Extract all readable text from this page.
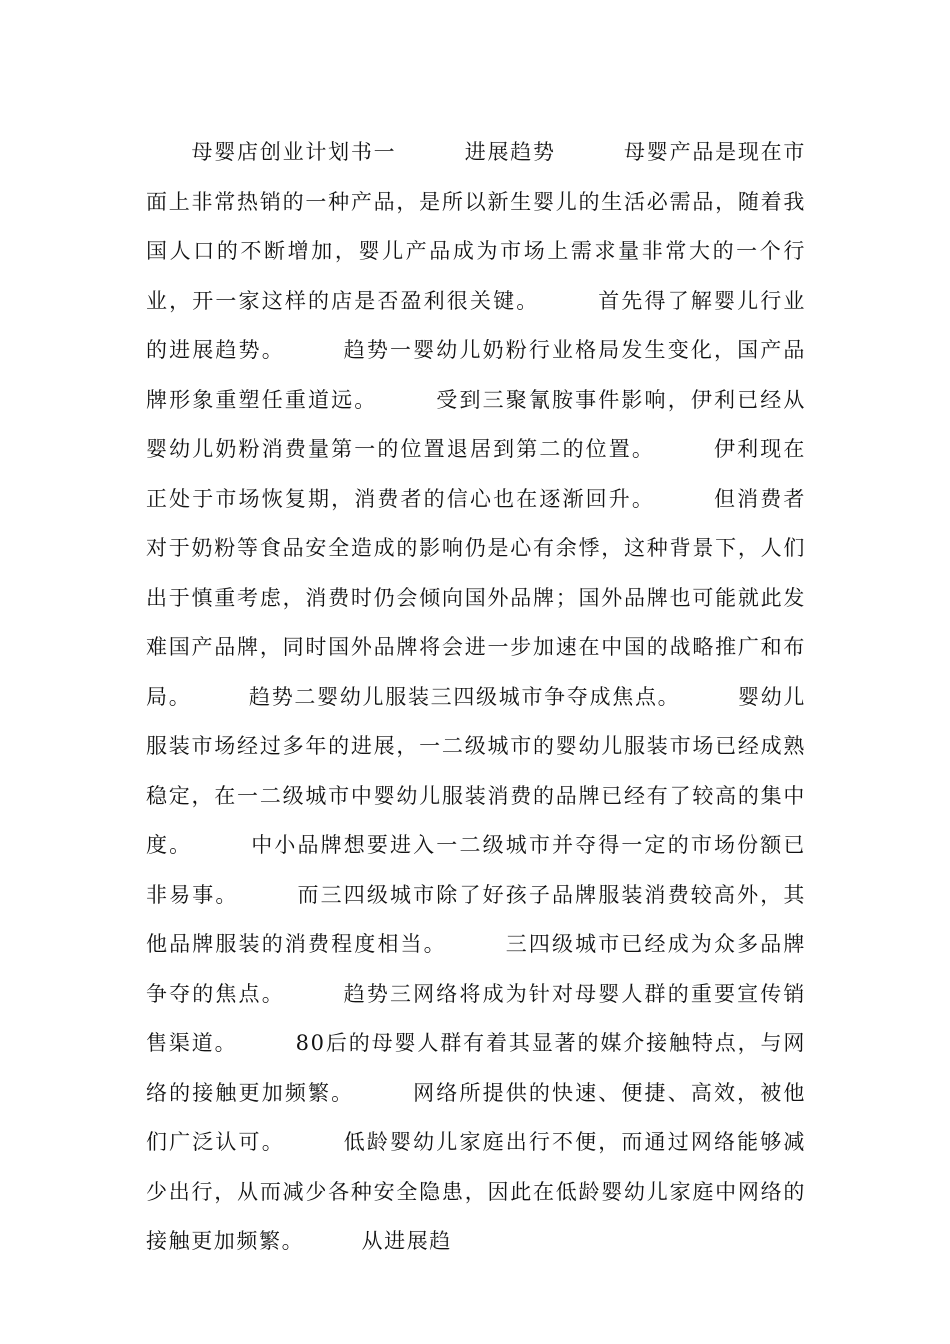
　　母婴店创业计划书一　　　进展趋势　　　母婴产品是现在市面上非常热销的一种产品，是所以新生婴儿的生活必需品，随着我国人口的不断增加，婴儿产品成为市场上需求量非常大的一个行业，开一家这样的店是否盈利很关键。　　　首先得了解婴儿行业的进展趋势。　　　趋势一婴幼儿奶粉行业格局发生变化，国产品牌形象重塑任重道远。　　　受到三聚氰胺事件影响，伊利已经从婴幼儿奶粉消费量第一的位置退居到第二的位置。　　　伊利现在正处于市场恢复期，消费者的信心也在逐渐回升。　　　但消费者对于奶粉等食品安全造成的影响仍是心有余悸，这种背景下，人们出于慎重考虑，消费时仍会倾向国外品牌；国外品牌也可能就此发难国产品牌，同时国外品牌将会进一步加速在中国的战略推广和布局。　　　趋势二婴幼儿服装三四级城市争夺成焦点。　　　婴幼儿服装市场经过多年的进展，一二级城市的婴幼儿服装市场已经成熟稳定，在一二级城市中婴幼儿服装消费的品牌已经有了较高的集中度。　　　中小品牌想要进入一二级城市并夺得一定的市场份额已非易事。　　　而三四级城市除了好孩子品牌服装消费较高外，其他品牌服装的消费程度相当。　　　三四级城市已经成为众多品牌争夺的焦点。　　　趋势三网络将成为针对母婴人群的重要宣传销售渠道。　　　80后的母婴人群有着其显著的媒介接触特点，与网络的接触更加频繁。　　　网络所提供的快速、便捷、高效，被他们广泛认可。　　　低龄婴幼儿家庭出行不便，而通过网络能够减少出行，从而减少各种安全隐患，因此在低龄婴幼儿家庭中网络的接触更加频繁。　　　从进展趋
